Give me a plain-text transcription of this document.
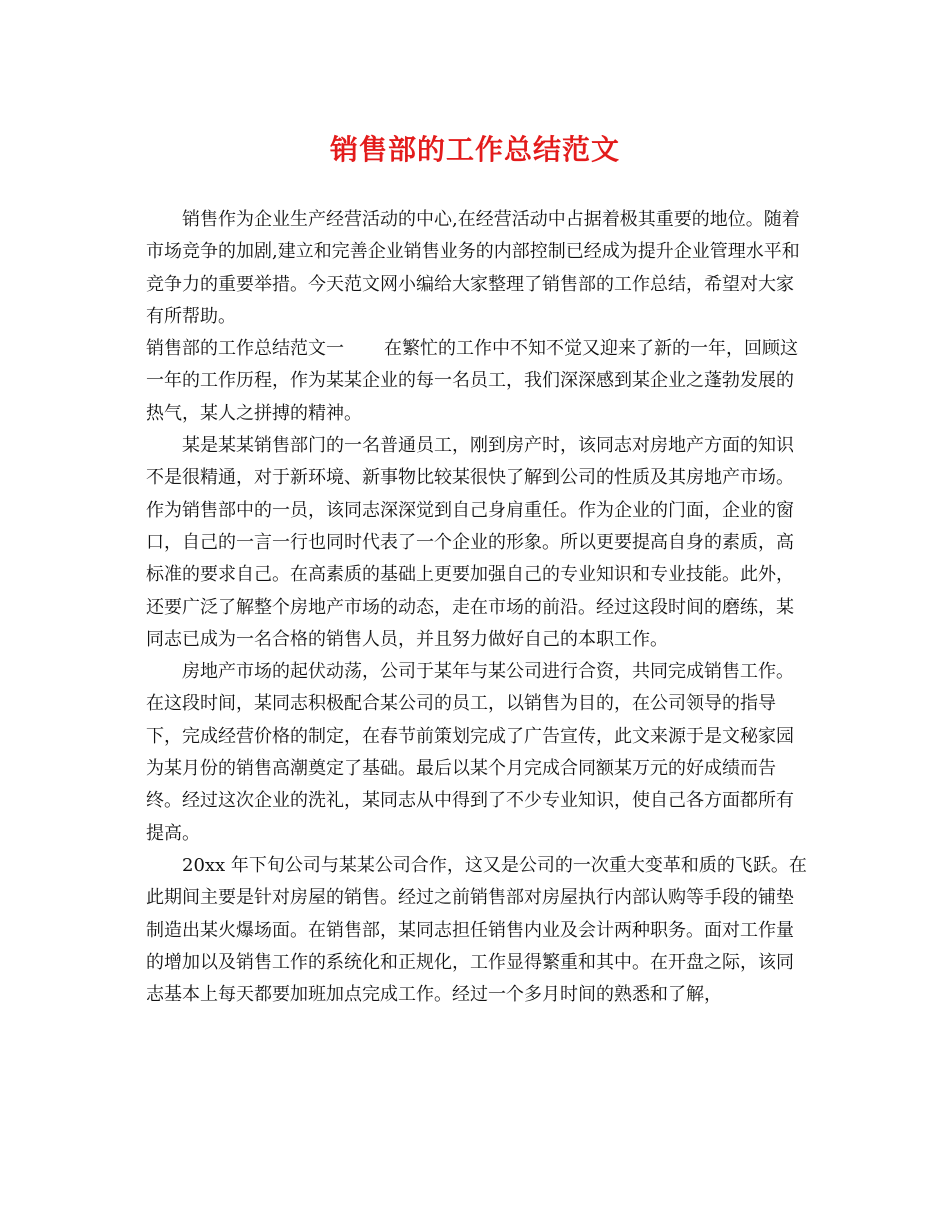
销售部的工作总结范文

销售作为企业生产经营活动的中心,在经营活动中占据着极其重要的地位。随着市场竞争的加剧,建立和完善企业销售业务的内部控制已经成为提升企业管理水平和竞争力的重要举措。今天范文网小编给大家整理了销售部的工作总结，希望对大家有所帮助。

销售部的工作总结范文一 在繁忙的工作中不知不觉又迎来了新的一年，回顾这一年的工作历程，作为某某企业的每一名员工，我们深深感到某企业之蓬勃发展的热气，某人之拼搏的精神。

某是某某销售部门的一名普通员工，刚到房产时，该同志对房地产方面的知识不是很精通，对于新环境、新事物比较某很快了解到公司的性质及其房地产市场。作为销售部中的一员，该同志深深觉到自己身肩重任。作为企业的门面，企业的窗口，自己的一言一行也同时代表了一个企业的形象。所以更要提高自身的素质，高标准的要求自己。在高素质的基础上更要加强自己的专业知识和专业技能。此外，还要广泛了解整个房地产市场的动态，走在市场的前沿。经过这段时间的磨练，某同志已成为一名合格的销售人员，并且努力做好自己的本职工作。

房地产市场的起伏动荡，公司于某年与某公司进行合资，共同完成销售工作。在这段时间，某同志积极配合某公司的员工，以销售为目的，在公司领导的指导下，完成经营价格的制定，在春节前策划完成了广告宣传，此文来源于是文秘家园为某月份的销售高潮奠定了基础。最后以某个月完成合同额某万元的好成绩而告终。经过这次企业的洗礼，某同志从中得到了不少专业知识，使自己各方面都所有提高。

20xx 年下旬公司与某某公司合作，这又是公司的一次重大变革和质的飞跃。在此期间主要是针对房屋的销售。经过之前销售部对房屋执行内部认购等手段的铺垫制造出某火爆场面。在销售部，某同志担任销售内业及会计两种职务。面对工作量的增加以及销售工作的系统化和正规化，工作显得繁重和其中。在开盘之际，该同志基本上每天都要加班加点完成工作。经过一个多月时间的熟悉和了解，
